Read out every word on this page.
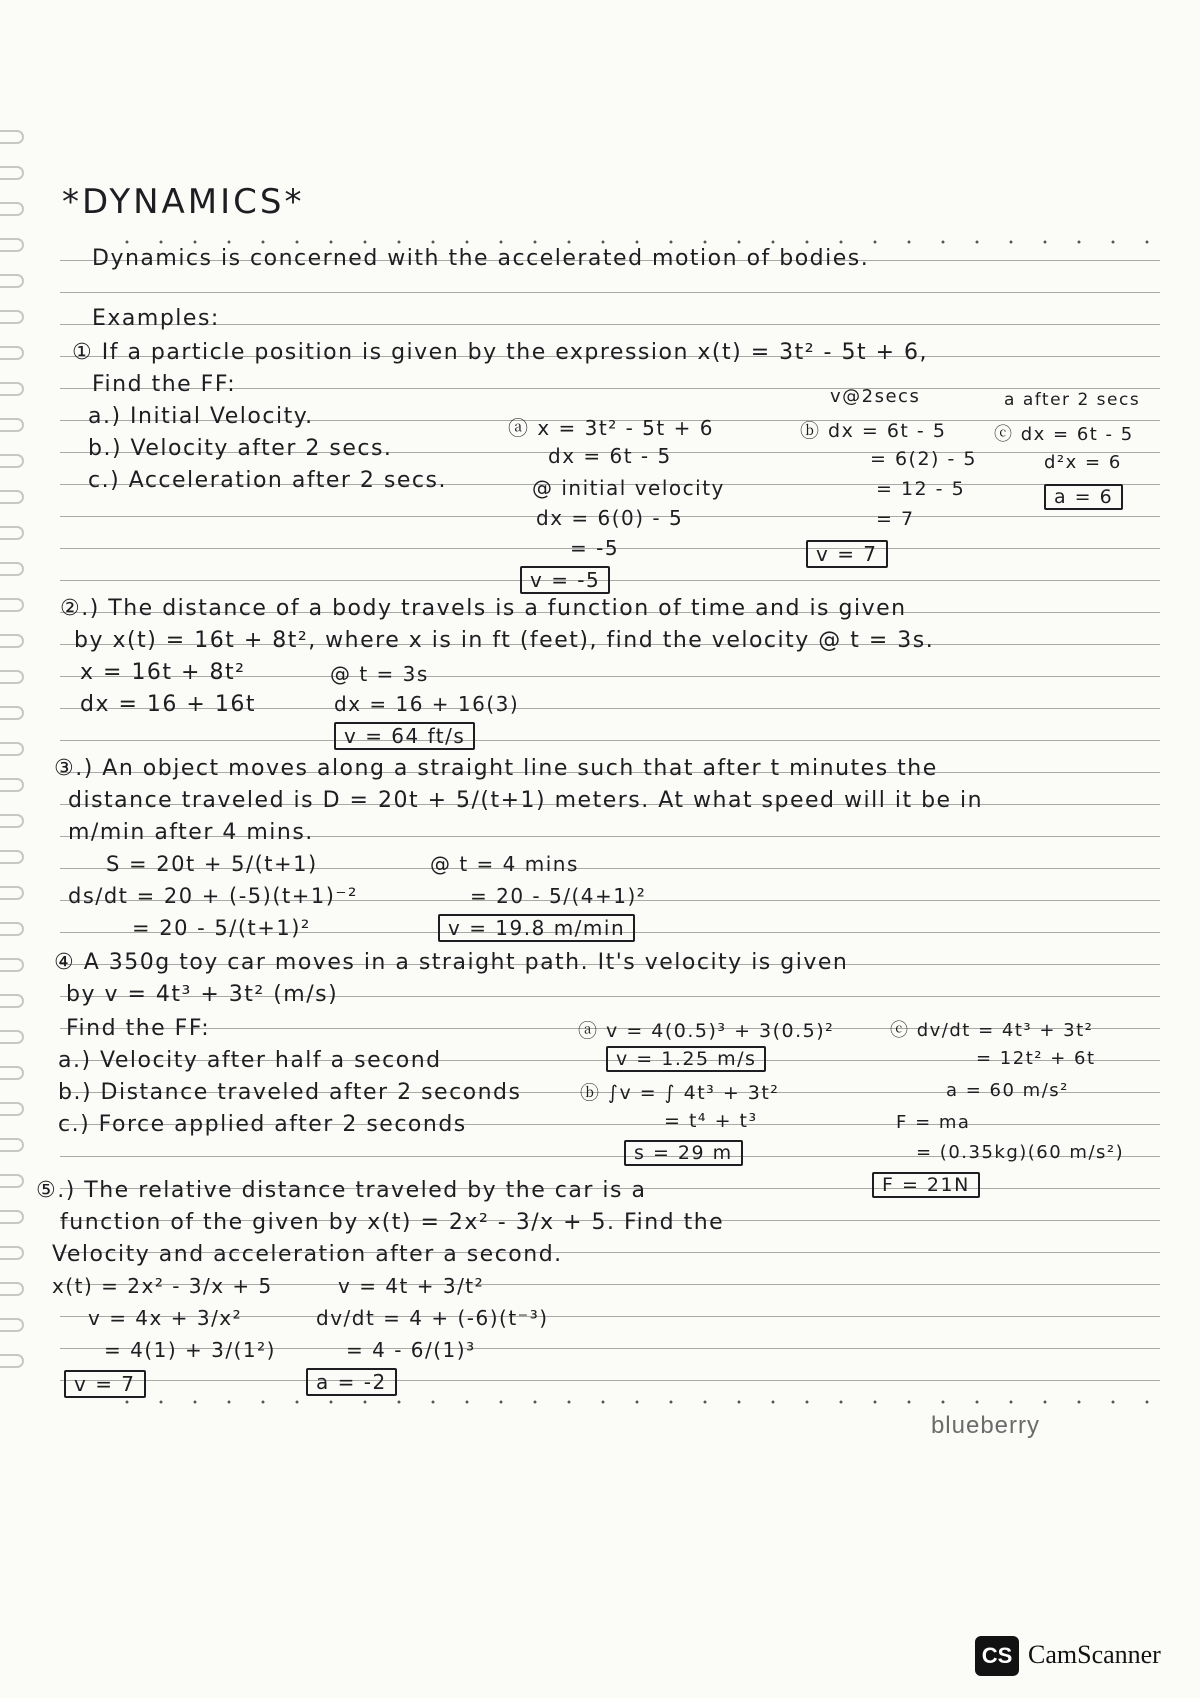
*DYNAMICS*
Dynamics is concerned with the accelerated motion of bodies.
Examples:
① If a particle position is given by the expression x(t) = 3t² - 5t + 6,
Find the FF:
a.) Initial Velocity.
b.) Velocity after 2 secs.
c.) Acceleration after 2 secs.
ⓐ x = 3t² - 5t + 6
dx = 6t - 5
@ initial velocity
dx = 6(0) - 5
= -5
v = -5
v@2secs
ⓑ dx = 6t - 5
= 6(2) - 5
= 12 - 5
= 7
v = 7
a after 2 secs
ⓒ dx = 6t - 5
d²x = 6
a = 6
②.) The distance of a body travels is a function of time and is given
by x(t) = 16t + 8t², where x is in ft (feet), find the velocity @ t = 3s.
x = 16t + 8t²
dx = 16 + 16t
@ t = 3s
dx = 16 + 16(3)
v = 64 ft/s
③.) An object moves along a straight line such that after t minutes the
distance traveled is D = 20t + 5/(t+1) meters. At what speed will it be in
m/min after 4 mins.
S = 20t + 5/(t+1)
ds/dt = 20 + (-5)(t+1)⁻²
= 20 - 5/(t+1)²
@ t = 4 mins
= 20 - 5/(4+1)²
v = 19.8 m/min
④ A 350g toy car moves in a straight path. It's velocity is given
by v = 4t³ + 3t² (m/s)
Find the FF:
a.) Velocity after half a second
b.) Distance traveled after 2 seconds
c.) Force applied after 2 seconds
ⓐ v = 4(0.5)³ + 3(0.5)²
v = 1.25 m/s
ⓑ ∫v = ∫ 4t³ + 3t²
= t⁴ + t³
s = 29 m
ⓒ dv/dt = 4t³ + 3t²
= 12t² + 6t
a = 60 m/s²
F = ma
= (0.35kg)(60 m/s²)
F = 21N
⑤.) The relative distance traveled by the car is a
function of the given by x(t) = 2x² - 3/x + 5. Find the
Velocity and acceleration after a second.
x(t) = 2x² - 3/x + 5
v = 4x + 3/x²
= 4(1) + 3/(1²)
v = 7
v = 4t + 3/t²
dv/dt = 4 + (-6)(t⁻³)
= 4 - 6/(1)³
a = -2
blueberry
CS CamScanner
